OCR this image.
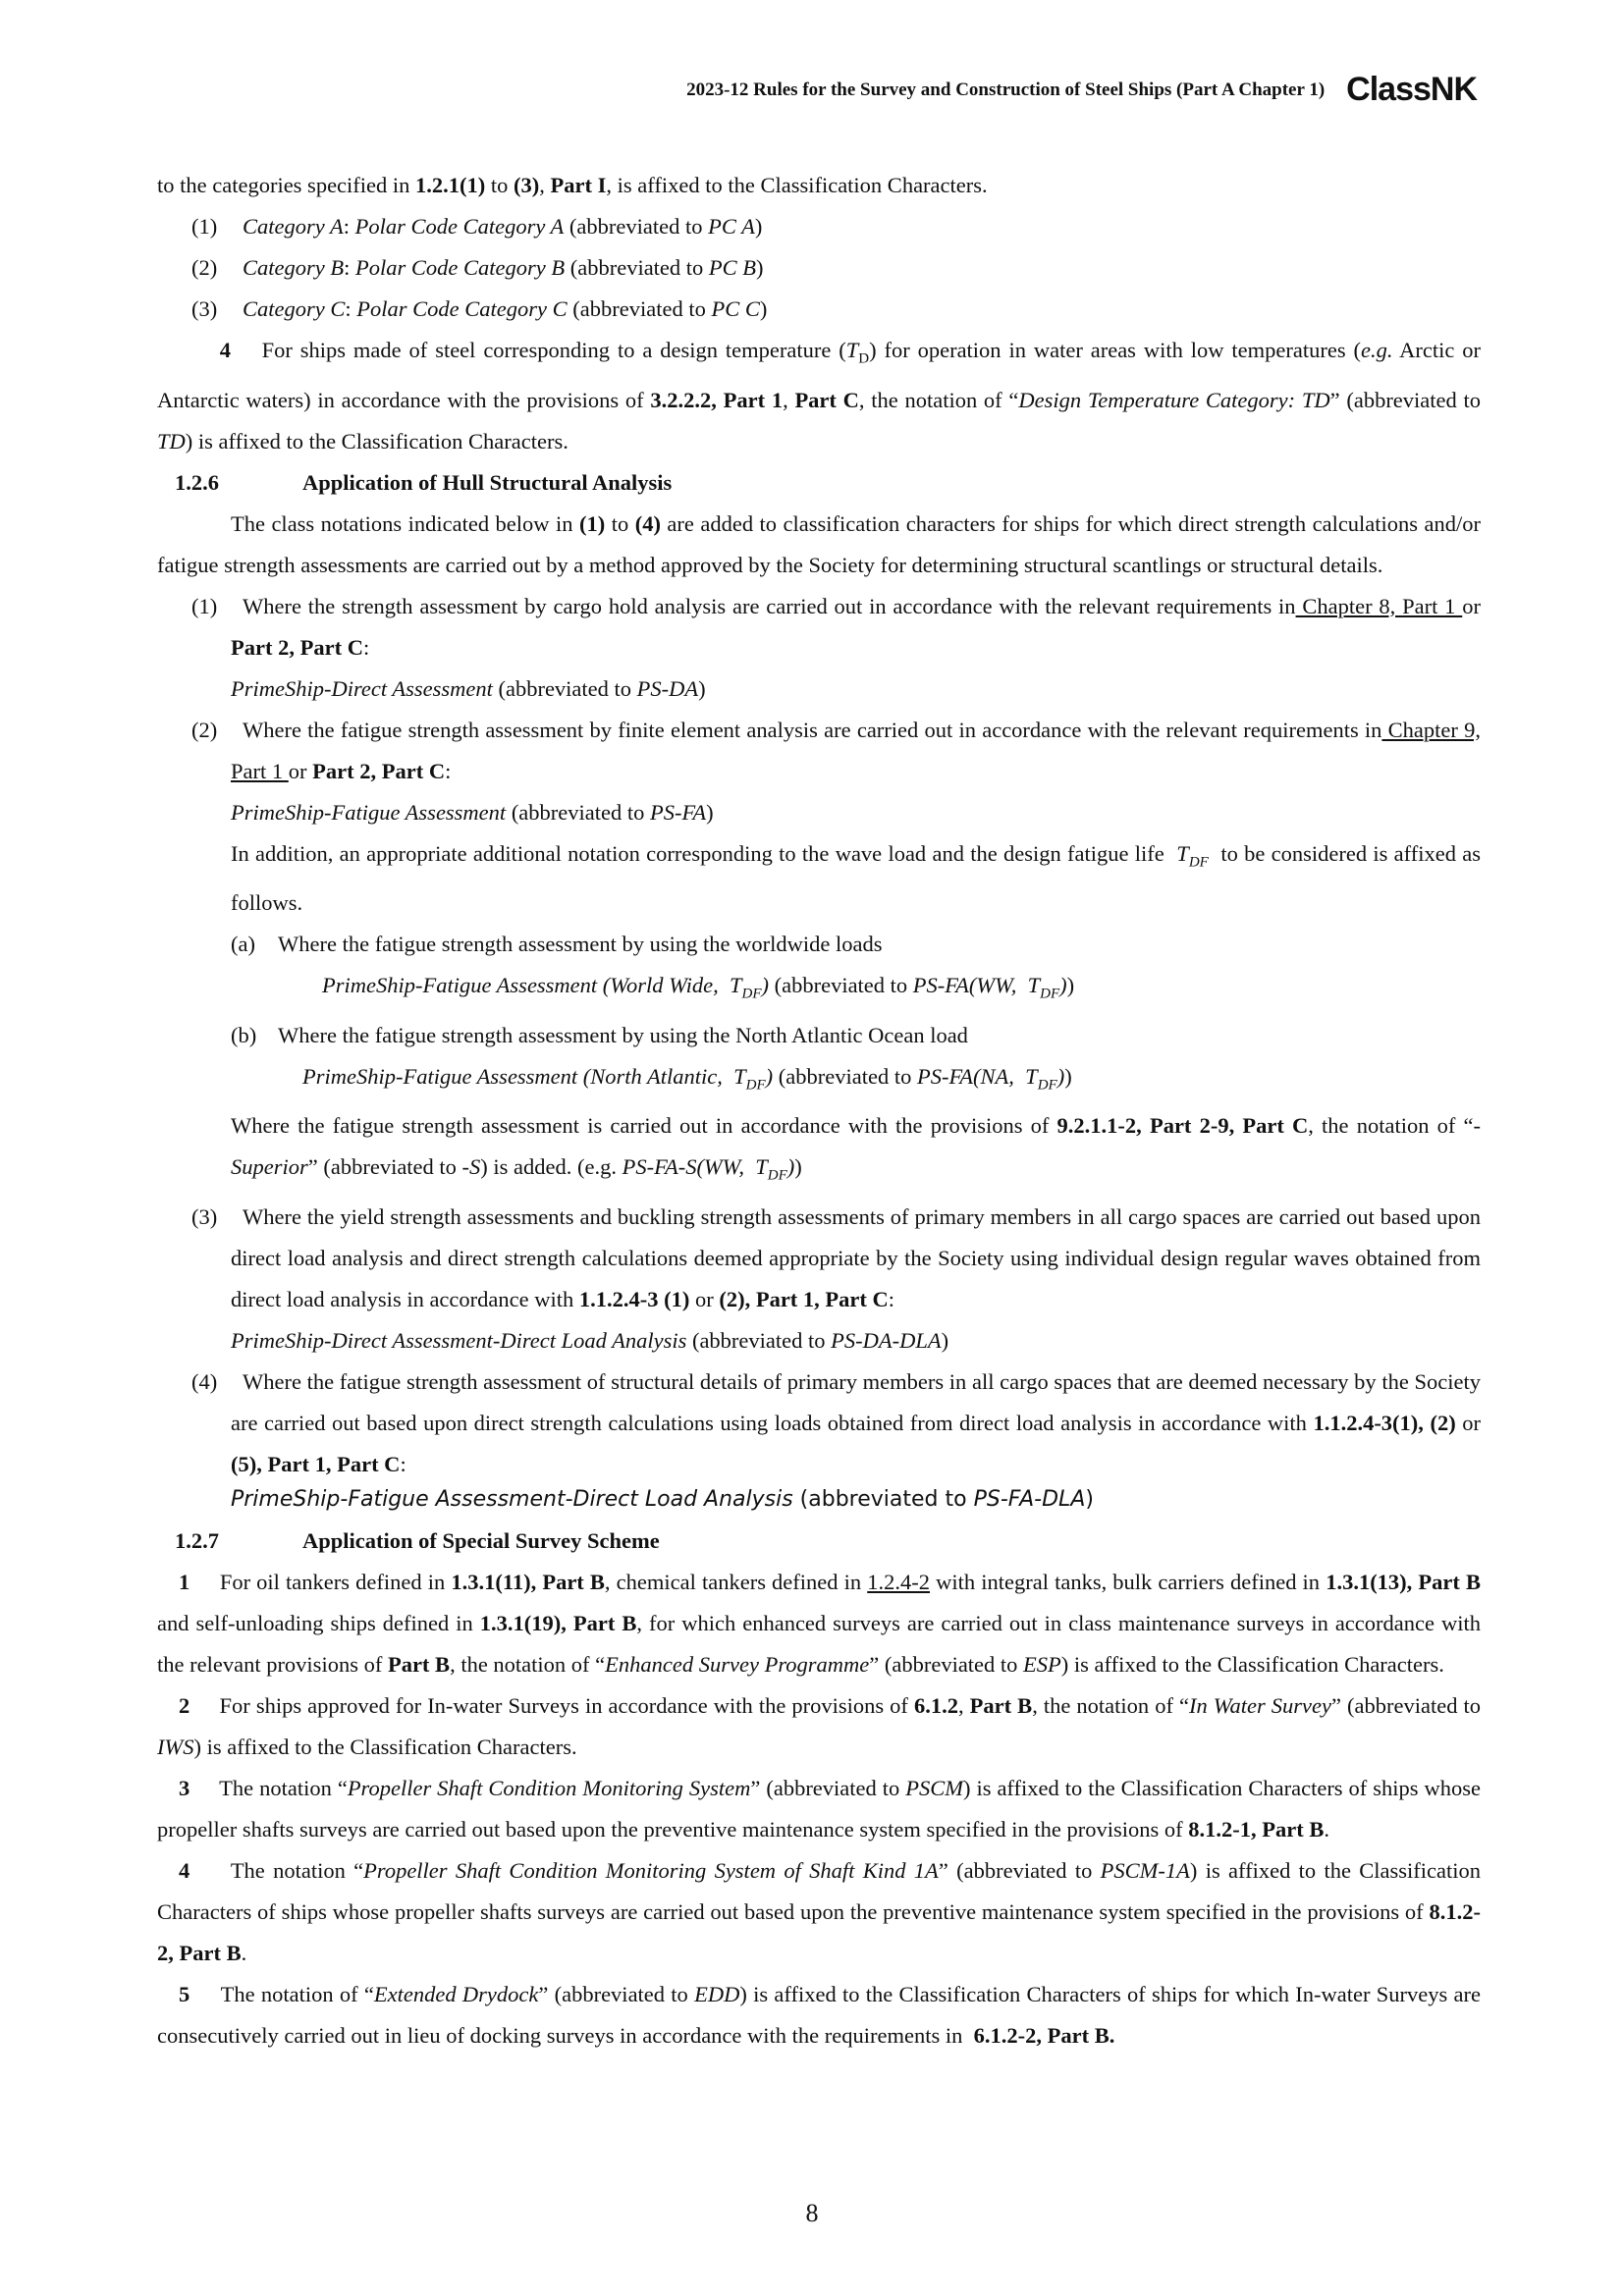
2023-12 Rules for the Survey and Construction of Steel Ships (Part A Chapter 1) ClassNK

to the categories specified in 1.2.1(1) to (3), Part I, is affixed to the Classification Characters.

(1) Category A: Polar Code Category A (abbreviated to PC A)

(2) Category B: Polar Code Category B (abbreviated to PC B)

(3) Category C: Polar Code Category C (abbreviated to PC C)

4    For ships made of steel corresponding to a design temperature $(T_D)$ for operation in water areas with low temperatures (e.g. Arctic or Antarctic waters) in accordance with the provisions of 3.2.2.2, Part 1, Part C, the notation of “Design Temperature Category: TD” (abbreviated to TD) is affixed to the Classification Characters.

1.2.6	Application of Hull Structural Analysis

The class notations indicated below in (1) to (4) are added to classification characters for ships for which direct strength calculations and/or fatigue strength assessments are carried out by a method approved by the Society for determining structural scantlings or structural details.

(1) Where the strength assessment by cargo hold analysis are carried out in accordance with the relevant requirements in Chapter 8, Part 1 or Part 2, Part C:

PrimeShip-Direct Assessment (abbreviated to PS-DA)

(2) Where the fatigue strength assessment by finite element analysis are carried out in accordance with the relevant requirements in Chapter 9, Part 1 or Part 2, Part C:

PrimeShip-Fatigue Assessment (abbreviated to PS-FA)

In addition, an appropriate additional notation corresponding to the wave load and the design fatigue life  $T_{DF}$  to be considered is affixed as follows.

(a) Where the fatigue strength assessment by using the worldwide loads

PrimeShip-Fatigue Assessment (World Wide,  $T_{DF}$) (abbreviated to PS-FA(WW,  $T_{DF}$))

(b) Where the fatigue strength assessment by using the North Atlantic Ocean load

PrimeShip-Fatigue Assessment (North Atlantic,  $T_{DF}$) (abbreviated to PS-FA(NA,  $T_{DF}$))

Where the fatigue strength assessment is carried out in accordance with the provisions of 9.2.1.1-2, Part 2-9, Part C, the notation of “-Superior” (abbreviated to -S) is added. (e.g. PS-FA-S(WW,  $T_{DF}$))

(3) Where the yield strength assessments and buckling strength assessments of primary members in all cargo spaces are carried out based upon direct load analysis and direct strength calculations deemed appropriate by the Society using individual design regular waves obtained from direct load analysis in accordance with 1.1.2.4-3 (1) or (2), Part 1, Part C:

PrimeShip-Direct Assessment-Direct Load Analysis (abbreviated to PS-DA-DLA)

(4) Where the fatigue strength assessment of structural details of primary members in all cargo spaces that are deemed necessary by the Society are carried out based upon direct strength calculations using loads obtained from direct load analysis in accordance with 1.1.2.4-3(1), (2) or (5), Part 1, Part C:

PrimeShip-Fatigue Assessment-Direct Load Analysis (abbreviated to PS-FA-DLA)

1.2.7	Application of Special Survey Scheme

1     For oil tankers defined in 1.3.1(11), Part B, chemical tankers defined in 1.2.4-2 with integral tanks, bulk carriers defined in 1.3.1(13), Part B and self-unloading ships defined in 1.3.1(19), Part B, for which enhanced surveys are carried out in class maintenance surveys in accordance with the relevant provisions of Part B, the notation of “Enhanced Survey Programme” (abbreviated to ESP) is affixed to the Classification Characters.

2     For ships approved for In-water Surveys in accordance with the provisions of 6.1.2, Part B, the notation of “In Water Survey” (abbreviated to IWS) is affixed to the Classification Characters.

3     The notation “Propeller Shaft Condition Monitoring System” (abbreviated to PSCM) is affixed to the Classification Characters of ships whose propeller shafts surveys are carried out based upon the preventive maintenance system specified in the provisions of 8.1.2-1, Part B.

4     The notation “Propeller Shaft Condition Monitoring System of Shaft Kind 1A” (abbreviated to PSCM-1A) is affixed to the Classification Characters of ships whose propeller shafts surveys are carried out based upon the preventive maintenance system specified in the provisions of 8.1.2-2, Part B.

5     The notation of “Extended Drydock” (abbreviated to EDD) is affixed to the Classification Characters of ships for which In-water Surveys are consecutively carried out in lieu of docking surveys in accordance with the requirements in  6.1.2-2, Part B.

8
